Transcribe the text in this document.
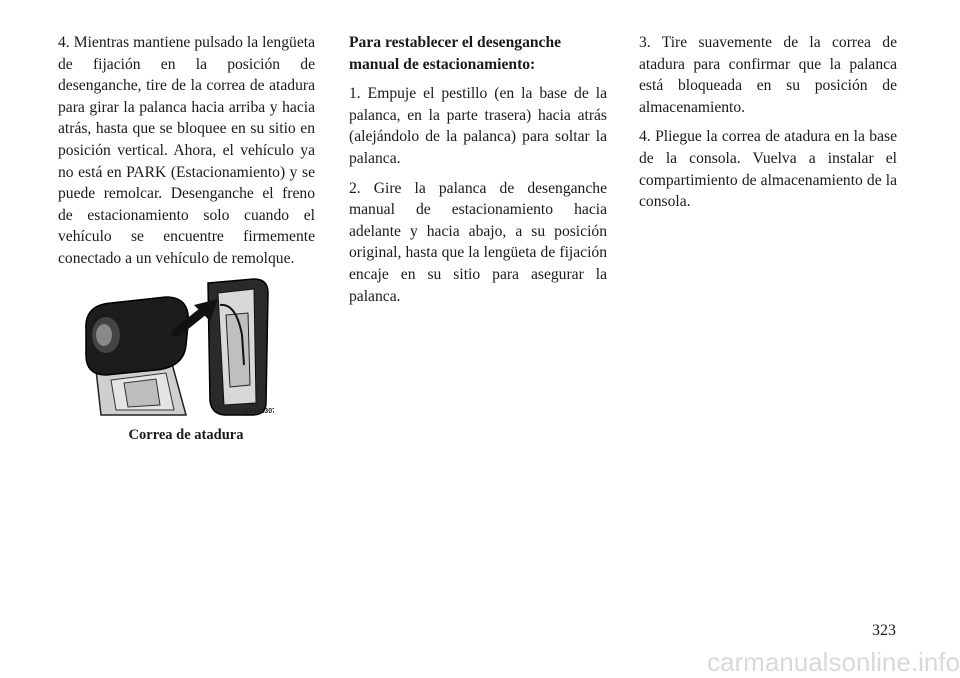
4. Mientras mantiene pulsado la lengüeta de fijación en la posición de desenganche, tire de la correa de atadura para girar la palanca hacia arriba y hacia atrás, hasta que se bloquee en su sitio en posición vertical. Ahora, el vehículo ya no está en PARK (Estacionamiento) y se puede remolcar. Desenganche el freno de estacionamiento solo cuando el vehículo se encuentre firmemente conectado a un vehículo de remolque.

061541307
Correa de atadura

Para restablecer el desenganche manual de estacionamiento:

1. Empuje el pestillo (en la base de la palanca, en la parte trasera) hacia atrás (alejándolo de la palanca) para soltar la palanca.

2. Gire la palanca de desenganche manual de estacionamiento hacia adelante y hacia abajo, a su posición original, hasta que la lengüeta de fijación encaje en su sitio para asegurar la palanca.

3. Tire suavemente de la correa de atadura para confirmar que la palanca está bloqueada en su posición de almacenamiento.

4. Pliegue la correa de atadura en la base de la consola. Vuelva a instalar el compartimiento de almacenamiento de la consola.

323
carmanualsonline.info
